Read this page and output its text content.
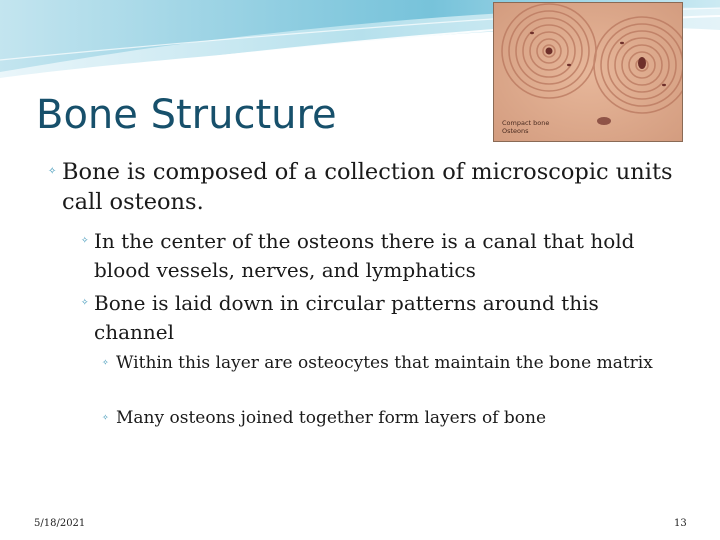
Compact bone Osteons
Bone Structure
✧ Bone is composed of a collection of microscopic units call osteons.
✧ In the center of the osteons there is a canal that hold blood vessels, nerves, and lymphatics
✧ Bone is laid down in circular patterns around this channel
✧ Within this layer are osteocytes that maintain the bone matrix
✧ Many osteons joined together form layers of bone
5/18/2021	13
